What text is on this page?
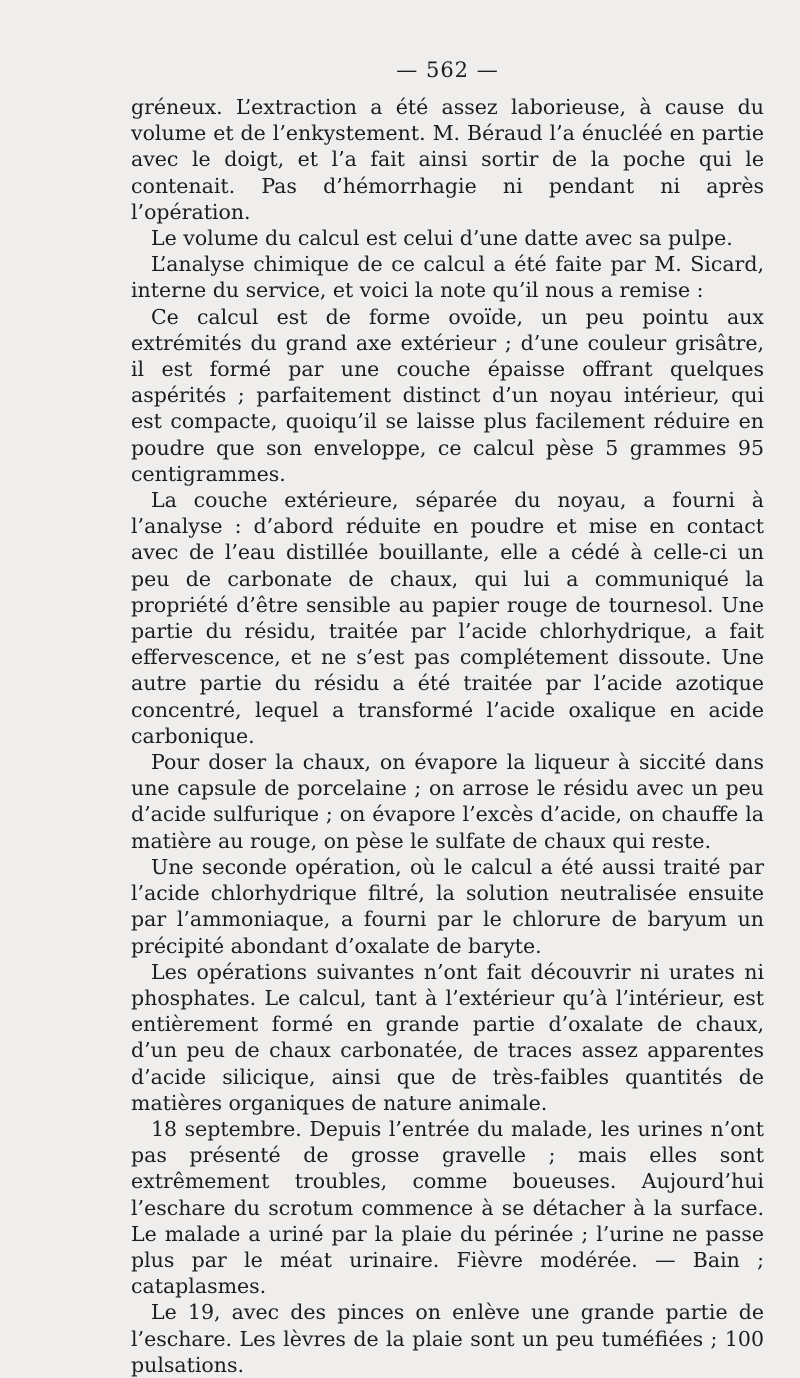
— 562 —

gréneux. L’extraction a été assez laborieuse, à cause du volume et de l’enkystement. M. Béraud l’a énucléé en partie avec le doigt, et l’a fait ainsi sortir de la poche qui le contenait. Pas d’hémorrhagie ni pendant ni après l’opération.

Le volume du calcul est celui d’une datte avec sa pulpe.

L’analyse chimique de ce calcul a été faite par M. Sicard, interne du service, et voici la note qu’il nous a remise :

Ce calcul est de forme ovoïde, un peu pointu aux extrémités du grand axe extérieur ; d’une couleur grisâtre, il est formé par une couche épaisse offrant quelques aspérités ; parfaitement distinct d’un noyau intérieur, qui est compacte, quoiqu’il se laisse plus facilement réduire en poudre que son enveloppe, ce calcul pèse 5 grammes 95 centigrammes.

La couche extérieure, séparée du noyau, a fourni à l’analyse : d’abord réduite en poudre et mise en contact avec de l’eau distillée bouillante, elle a cédé à celle-ci un peu de carbonate de chaux, qui lui a communiqué la propriété d’être sensible au papier rouge de tournesol. Une partie du résidu, traitée par l’acide chlorhydrique, a fait effervescence, et ne s’est pas complétement dissoute. Une autre partie du résidu a été traitée par l’acide azotique concentré, lequel a transformé l’acide oxalique en acide carbonique.

Pour doser la chaux, on évapore la liqueur à siccité dans une capsule de porcelaine ; on arrose le résidu avec un peu d’acide sulfurique ; on évapore l’excès d’acide, on chauffe la matière au rouge, on pèse le sulfate de chaux qui reste.

Une seconde opération, où le calcul a été aussi traité par l’acide chlorhydrique filtré, la solution neutralisée ensuite par l’ammoniaque, a fourni par le chlorure de baryum un précipité abondant d’oxalate de baryte.

Les opérations suivantes n’ont fait découvrir ni urates ni phosphates. Le calcul, tant à l’extérieur qu’à l’intérieur, est entièrement formé en grande partie d’oxalate de chaux, d’un peu de chaux carbonatée, de traces assez apparentes d’acide silicique, ainsi que de très-faibles quantités de matières organiques de nature animale.

18 septembre. Depuis l’entrée du malade, les urines n’ont pas présenté de grosse gravelle ; mais elles sont extrêmement troubles, comme boueuses. Aujourd’hui l’eschare du scrotum commence à se détacher à la surface. Le malade a uriné par la plaie du périnée ; l’urine ne passe plus par le méat urinaire. Fièvre modérée. — Bain ; cataplasmes.

Le 19, avec des pinces on enlève une grande partie de l’eschare. Les lèvres de la plaie sont un peu tuméfiées ; 100 pulsations.
